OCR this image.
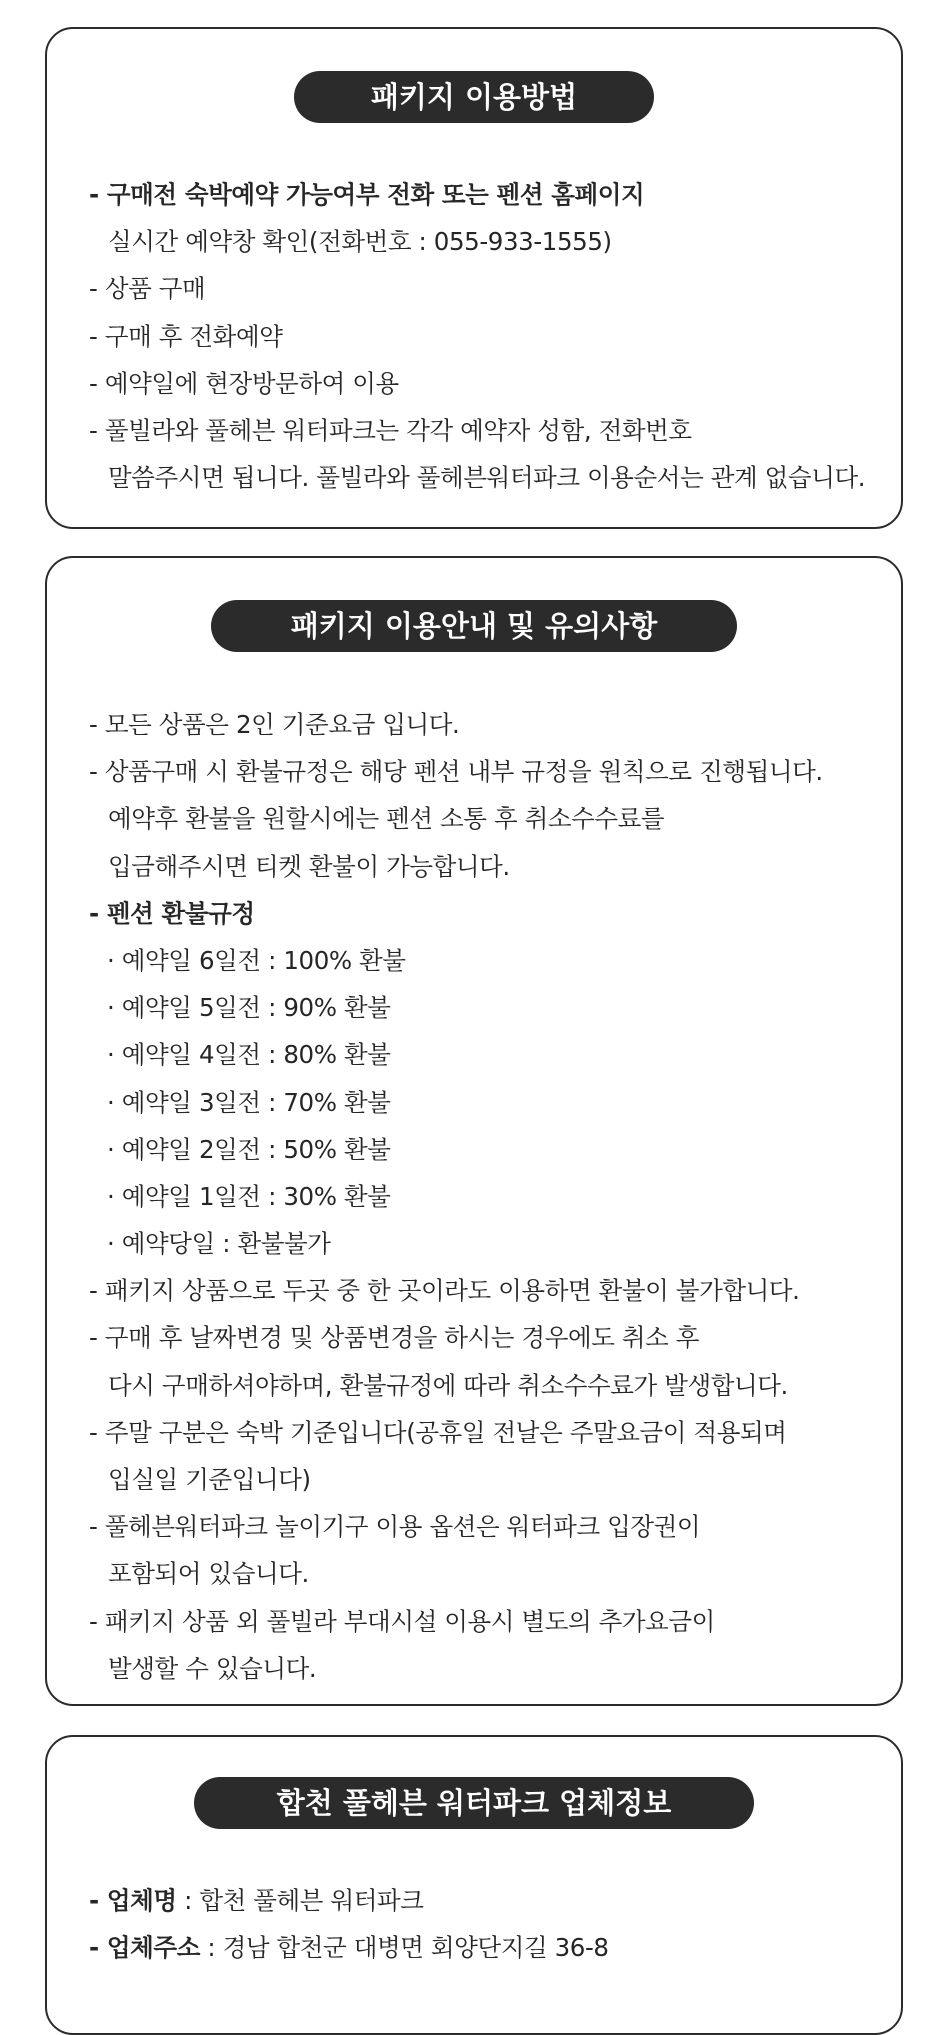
패키지 이용방법
- 구매전 숙박예약 가능여부 전화 또는 펜션 홈페이지
실시간 예약창 확인(전화번호 : 055-933-1555)
- 상품 구매
- 구매 후 전화예약
- 예약일에 현장방문하여 이용
- 풀빌라와 풀헤븐 워터파크는 각각 예약자 성함, 전화번호
말씀주시면 됩니다. 풀빌라와 풀헤븐워터파크 이용순서는 관계 없습니다.
패키지 이용안내 및 유의사항
- 모든 상품은 2인 기준요금 입니다.
- 상품구매 시 환불규정은 해당 펜션 내부 규정을 원칙으로 진행됩니다.
예약후 환불을 원할시에는 펜션 소통 후 취소수수료를
입금해주시면 티켓 환불이 가능합니다.
- 펜션 환불규정
· 예약일 6일전 : 100% 환불
· 예약일 5일전 : 90% 환불
· 예약일 4일전 : 80% 환불
· 예약일 3일전 : 70% 환불
· 예약일 2일전 : 50% 환불
· 예약일 1일전 : 30% 환불
· 예약당일 : 환불불가
- 패키지 상품으로 두곳 중 한 곳이라도 이용하면 환불이 불가합니다.
- 구매 후 날짜변경 및 상품변경을 하시는 경우에도 취소 후
다시 구매하셔야하며, 환불규정에 따라 취소수수료가 발생합니다.
- 주말 구분은 숙박 기준입니다(공휴일 전날은 주말요금이 적용되며
입실일 기준입니다)
- 풀헤븐워터파크 놀이기구 이용 옵션은 워터파크 입장권이
포함되어 있습니다.
- 패키지 상품 외 풀빌라 부대시설 이용시 별도의 추가요금이
발생할 수 있습니다.
합천 풀헤븐 워터파크 업체정보
- 업체명 : 합천 풀헤븐 워터파크
- 업체주소 : 경남 합천군 대병면 회양단지길 36-8
